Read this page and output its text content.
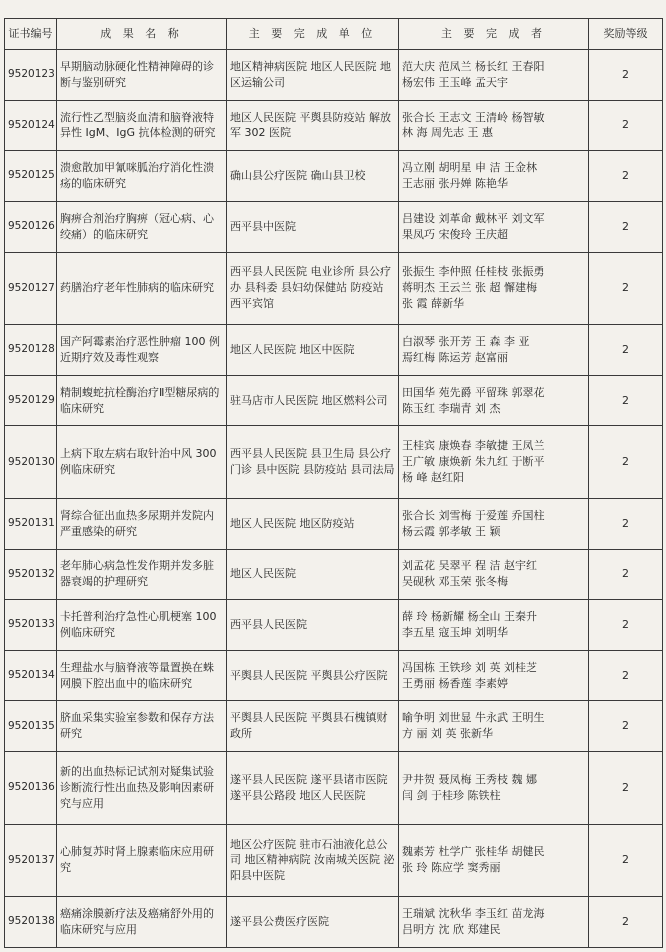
证书编号	成 果 名 称	主 要 完 成 单 位	主 要 完 成 者	奖励等级
9520123	早期脑动脉硬化性精神障碍的诊断与鉴别研究	地区精神病医院 地区人民医院 地区运输公司	范大庆 范凤兰 杨长红 王春阳
杨宏伟 王玉峰 孟天宇	2
9520124	流行性乙型脑炎血清和脑脊液特异性 IgM、IgG 抗体检测的研究	地区人民医院 平舆县防疫站 解放军 302 医院	张合长 王志文 王清岭 杨智敏
林 海 周先志 王 惠	2
9520125	溃愈散加甲氰咪胍治疗消化性溃疡的临床研究	确山县公疗医院 确山县卫校	冯立刚 胡明星 申 洁 王金林
王志丽 张丹婵 陈艳华	2
9520126	胸痹合剂治疗胸痹（冠心病、心绞痛）的临床研究	西平县中医院	吕建设 刘革命 戴林平 刘文军
果凤巧 宋俊玲 王庆超	2
9520127	药膳治疗老年性肺病的临床研究	西平县人民医院 电业诊所 县公疗办 县科委 县妇幼保健站 防疫站 西平宾馆	张振生 李仲照 任桂枝 张振勇
蒋明杰 王云兰 张 超 懈建梅
张 霞 薛新华	2
9520128	国产阿霉素治疗恶性肿瘤 100 例近期疗效及毒性观察	地区人民医院 地区中医院	白淑琴 张开芳 王 森 李 亚
焉红梅 陈运芳 赵富丽	2
9520129	精制蝮蛇抗栓酶治疗Ⅱ型糖尿病的临床研究	驻马店市人民医院 地区燃料公司	田国华 苑先爵 平留珠 郭翠花
陈玉红 李瑞青 刘 杰	2
9520130	上病下取左病右取针治中风 300 例临床研究	西平县人民医院 县卫生局 县公疗门诊 县中医院 县防疫站 县司法局	王桂宾 康焕春 李敏捷 王凤兰
王广敏 康焕新 朱九红 于断平
杨 峰 赵红阳	2
9520131	肾综合征出血热多尿期并发院内严重感染的研究	地区人民医院 地区防疫站	张合长 刘雪梅 于爱莲 乔国柱
杨云霞 郭孝敏 王 颖	2
9520132	老年肺心病急性发作期并发多脏器衰竭的护理研究	地区人民医院	刘孟花 吴翠平 程 洁 赵宇红
吴砚秋 邓玉荣 张冬梅	2
9520133	卡托普利治疗急性心肌梗塞 100 例临床研究	西平县人民医院	薛 玲 杨新耀 杨全山 王秦升
李五星 寇玉坤 刘明华	2
9520134	生理盐水与脑脊液等量置换在蛛网膜下腔出血中的临床研究	平舆县人民医院 平舆县公疗医院	冯国栋 王铁珍 刘 英 刘桂芝
王勇丽 杨香莲 李素婷	2
9520135	脐血采集实验室参数和保存方法研究	平舆县人民医院 平舆县石槐镇财政所	喻争明 刘世显 牛永武 王明生
方 丽 刘 英 张新华	2
9520136	新的出血热标记试剂对疑集试验诊断流行性出血热及影响因素研究与应用	遂平县人民医院 遂平县诸市医院 遂平县公路段 地区人民医院	尹井贺 聂凤梅 王秀枝 魏 娜
闫 剑 于桂珍 陈铁柱	2
9520137	心肺复苏时肾上腺素临床应用研究	地区公疗医院 驻市石油液化总公司 地区精神病院 汝南城关医院 泌阳县中医院	魏素芳 杜学广 张桂华 胡健民
张 玲 陈应学 窦秀丽	2
9520138	癌痛涂膜新疗法及癌痛舒外用的临床研究与应用	遂平县公费医疗医院	王瑞斌 沈秋华 李玉红 苗龙海
吕明方 沈 欣 郑建民	2
